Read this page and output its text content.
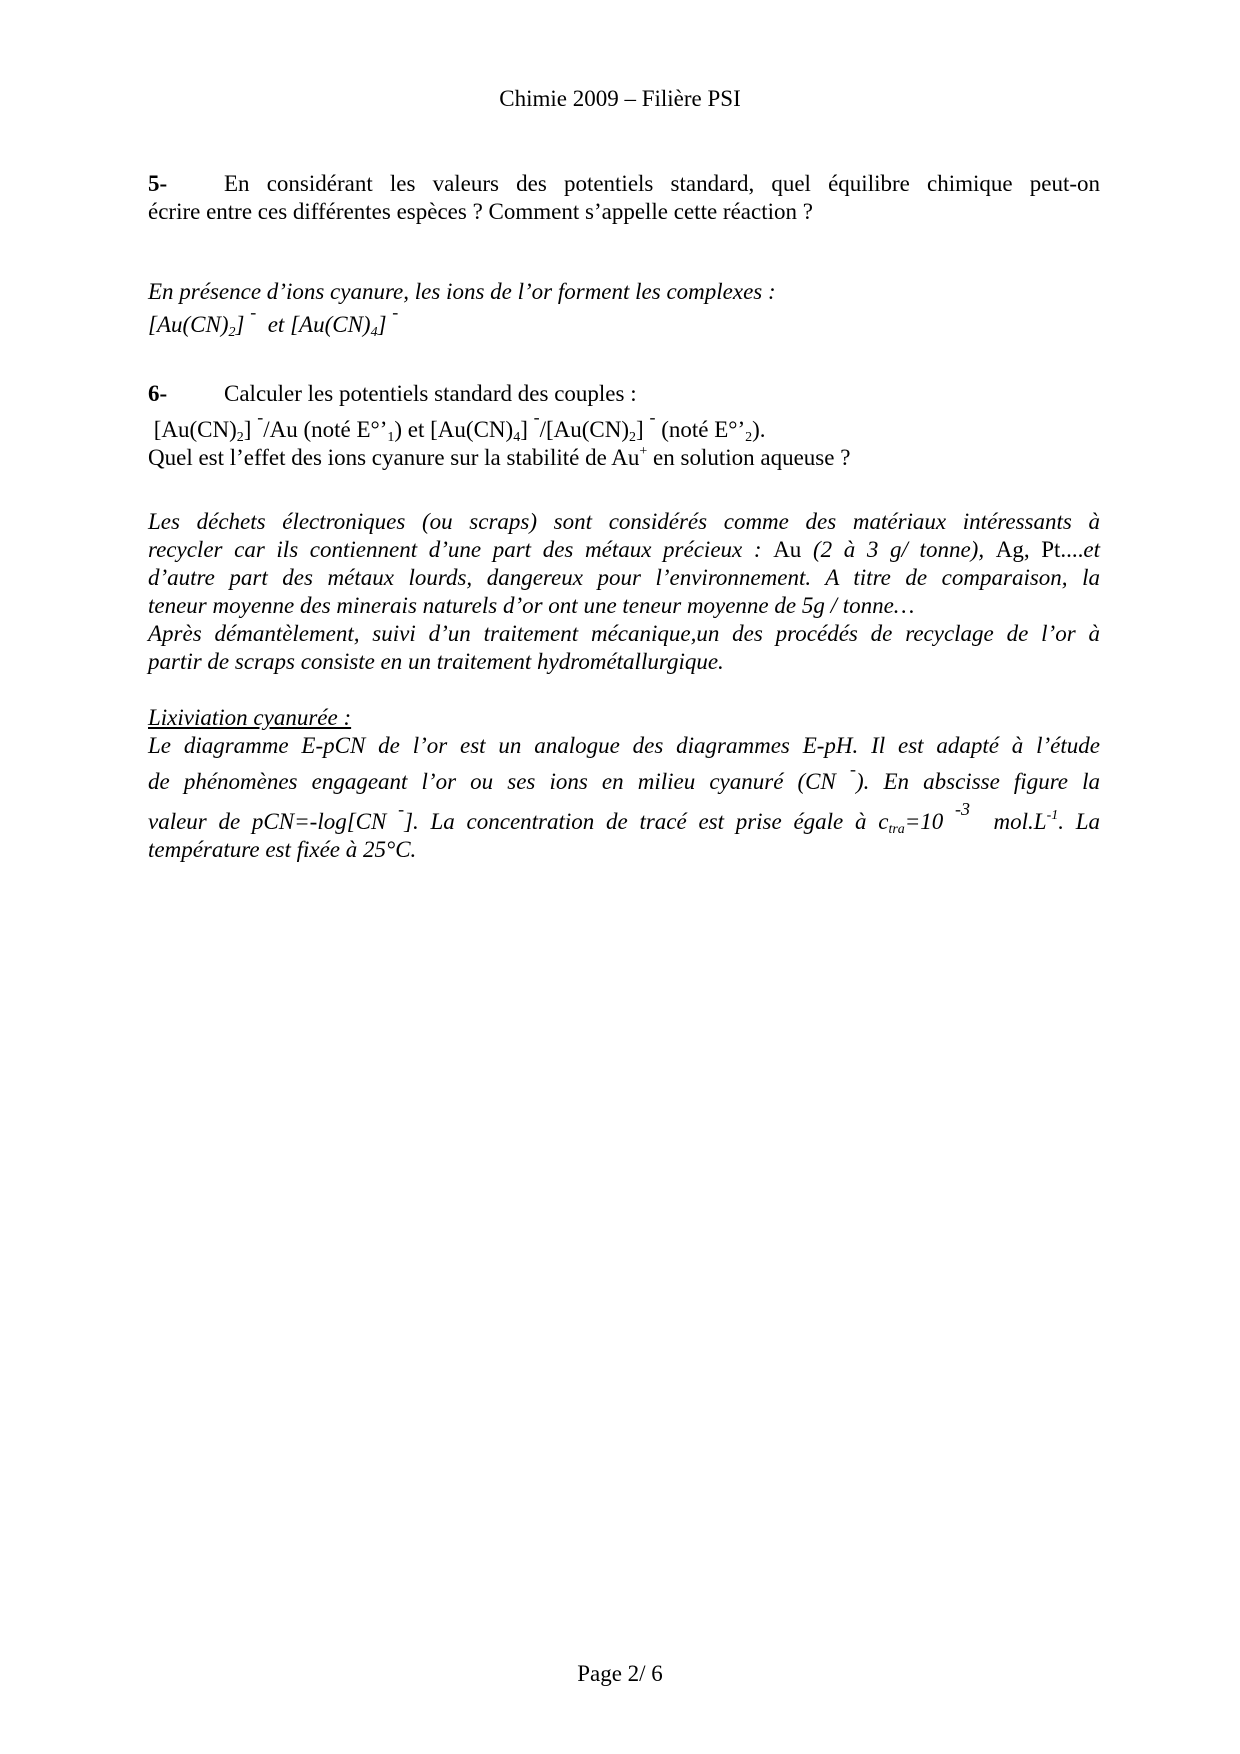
Chimie 2009 – Filière PSI

5- En considérant les valeurs des potentiels standard, quel équilibre chimique peut-on

écrire entre ces différentes espèces ? Comment s’appelle cette réaction ?

En présence d’ions cyanure, les ions de l’or forment les complexes :

$[Au(CN)_2]$ - et $[Au(CN)_4]$ -

6- Calculer les potentiels standard des couples :

$[Au(CN)_2]$ -/Au (noté $E^\circ’_1$) et $[Au(CN)_4]$ $^-/[Au(CN)_2]$ - (noté $E^\circ’_2$).

Quel est l’effet des ions cyanure sur la stabilité de Au+ en solution aqueuse ?

Les déchets électroniques (ou scraps) sont considérés comme des matériaux intéressants à

recycler car ils contiennent d’une part des métaux précieux : Au (2 à 3 g/ tonne), Ag, Pt....et

d’autre part des métaux lourds, dangereux pour l’environnement. A titre de comparaison, la

teneur moyenne des minerais naturels d’or ont une teneur moyenne de 5g / tonne…

Après démantèlement, suivi d’un traitement mécanique,un des procédés de recyclage de l’or à

partir de scraps consiste en un traitement hydrométallurgique.

Lixiviation cyanurée :

Le diagramme E-pCN de l’or est un analogue des diagrammes E-pH. Il est adapté à l’étude

de phénomènes engageant l’or ou ses ions en milieu cyanuré (CN -). En abscisse figure la

valeur de pCN=-log[CN -]. La concentration de tracé est prise égale à $c_{tra}=10$ $^{-3}$ $mol.L^{-1}$. La

température est fixée à 25°C.

Page 2/ 6
